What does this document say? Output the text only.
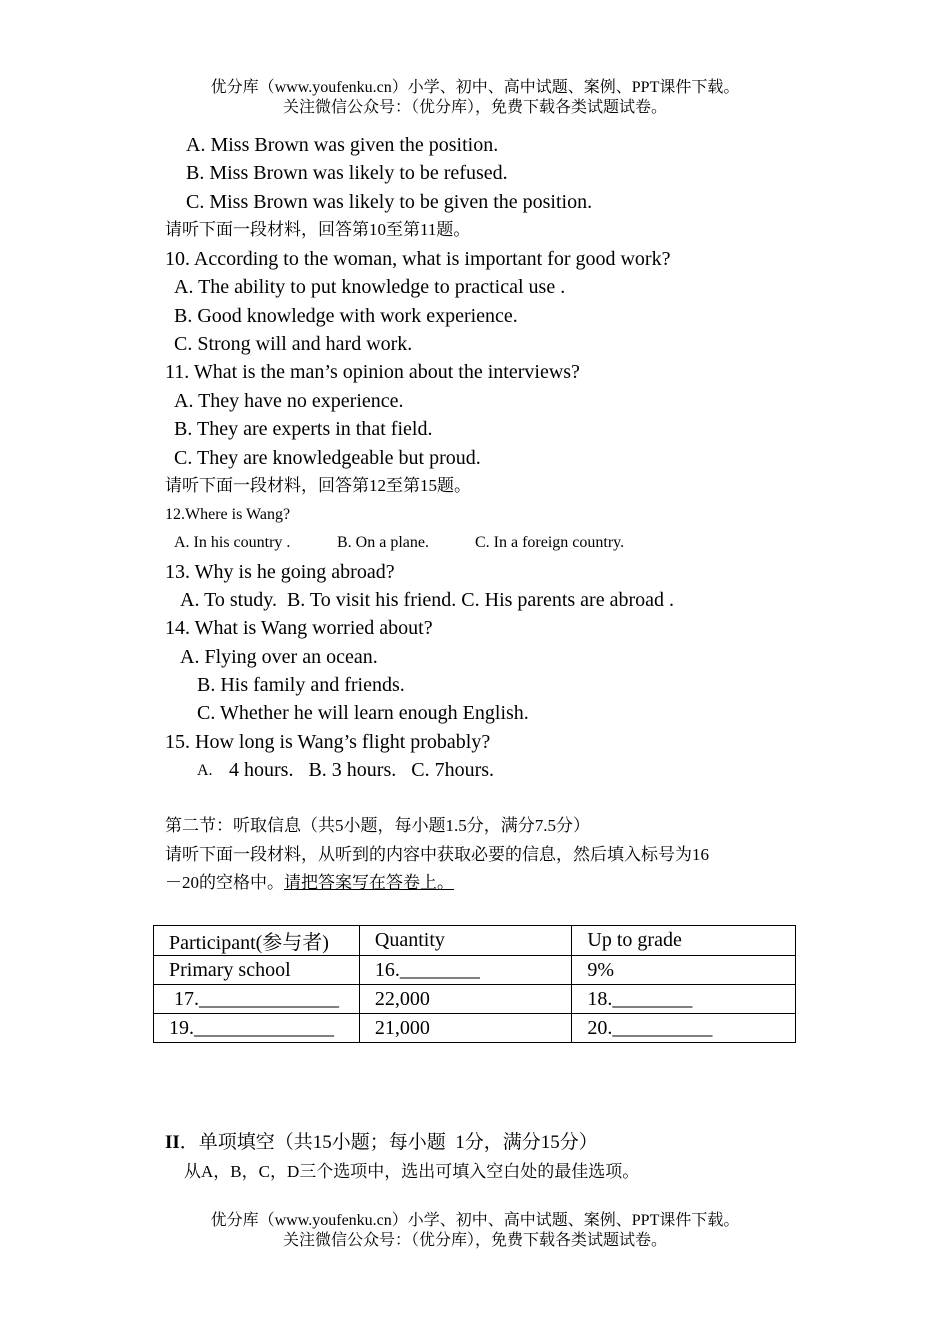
优分库（www.youfenku.cn）小学、初中、高中试题、案例、PPT课件下载。
关注微信公众号：（优分库），免费下载各类试题试卷。
A. Miss Brown was given the position.
B. Miss Brown was likely to be refused.
C. Miss Brown was likely to be given the position.
请听下面一段材料，回答第10至第11题。
10. According to the woman, what is important for good work?
A. The ability to put knowledge to practical use .
B. Good knowledge with work experience.
C. Strong will and hard work.
11. What is the man’s opinion about the interviews?
A. They have no experience.
B. They are experts in that field.
C. They are knowledgeable but proud.
请听下面一段材料，回答第12至第15题。
12.Where is Wang?
A. In his country .	B. On a plane.	C. In a foreign country.
13. Why is he going abroad?
A. To study.  B. To visit his friend. C. His parents are abroad .
14. What is Wang worried about?
A. Flying over an ocean.
B. His family and friends.
C. Whether he will learn enough English.
15. How long is Wang’s flight probably?
A. 4 hours.   B. 3 hours.   C. 7hours.
第二节：听取信息（共5小题，每小题1.5分，满分7.5分）
请听下面一段材料，从听到的内容中获取必要的信息，然后填入标号为16
－20的空格中。请把答案写在答卷上。
Participant(参与者)	Quantity	Up to grade
Primary school	16.________	9%
17.______________	22,000	18.________
19.______________	21,000	20.__________
II．单项填空（共15小题；每小题  1分，满分15分）
从A，B，C，D三个选项中，选出可填入空白处的最佳选项。
优分库（www.youfenku.cn）小学、初中、高中试题、案例、PPT课件下载。
关注微信公众号：（优分库），免费下载各类试题试卷。
